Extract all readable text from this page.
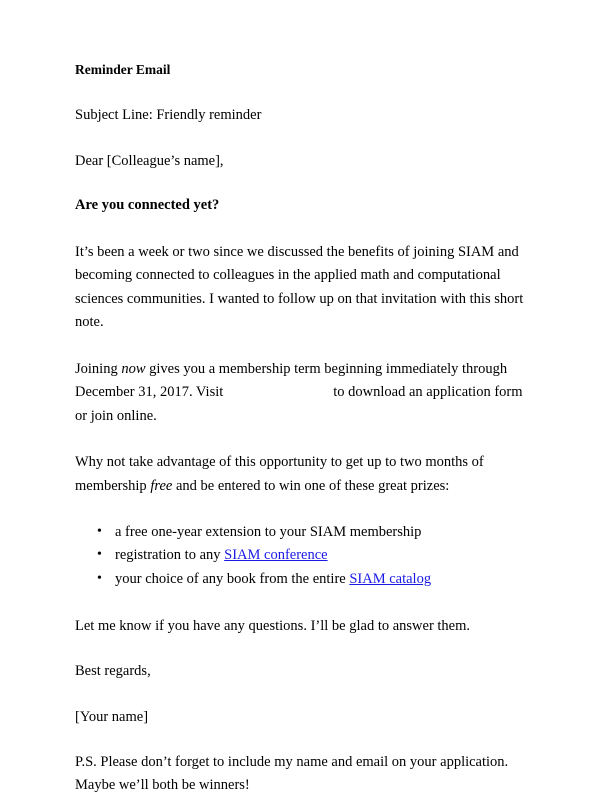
Reminder Email
Subject Line: Friendly reminder
Dear [Colleague’s name],
Are you connected yet?
It’s been a week or two since we discussed the benefits of joining SIAM and becoming connected to colleagues in the applied math and computational sciences communities. I wanted to follow up on that invitation with this short note.
Joining now gives you a membership term beginning immediately through December 31, 2017. Visit	to download an application form or join online.
Why not take advantage of this opportunity to get up to two months of membership free and be entered to win one of these great prizes:
• a free one-year extension to your SIAM membership
• registration to any SIAM conference
• your choice of any book from the entire SIAM catalog
Let me know if you have any questions. I’ll be glad to answer them.
Best regards,
[Your name]
P.S. Please don’t forget to include my name and email on your application. Maybe we’ll both be winners!
